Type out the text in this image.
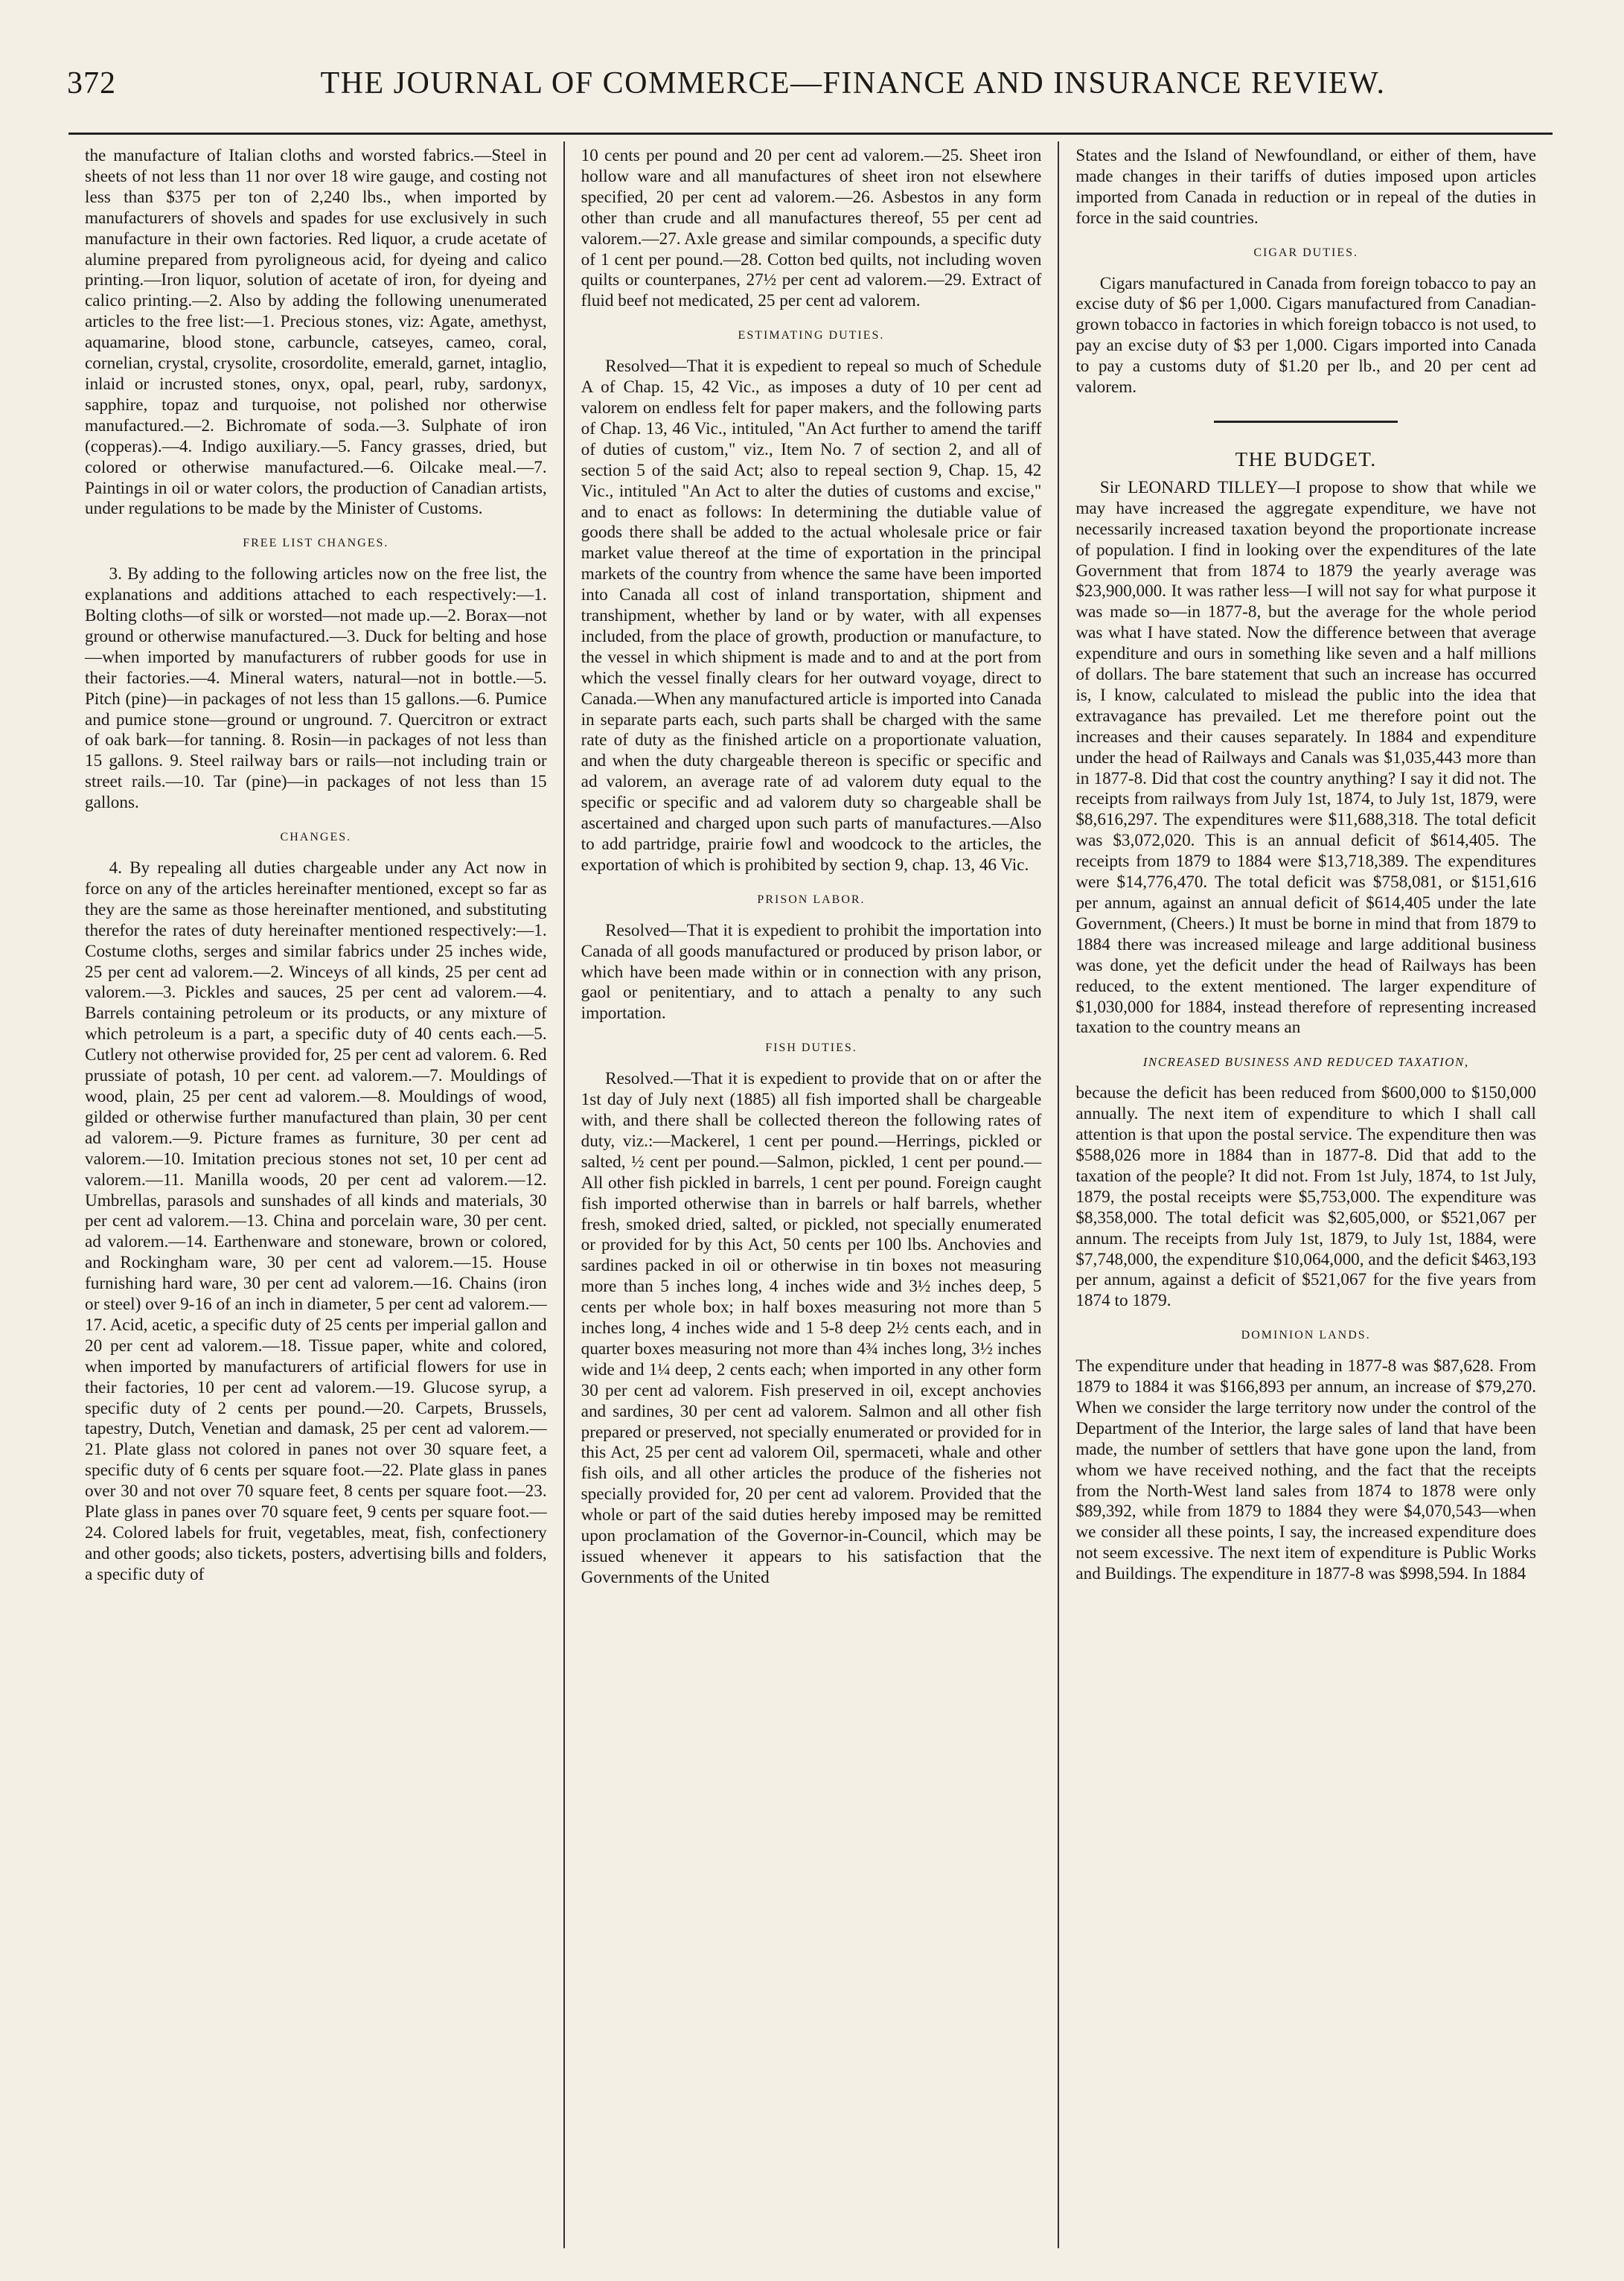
372	THE JOURNAL OF COMMERCE—FINANCE AND INSURANCE REVIEW.

the manufacture of Italian cloths and worsted fabrics.—Steel in sheets of not less than 11 nor over 18 wire gauge, and costing not less than $375 per ton of 2,240 lbs., when imported by manufacturers of shovels and spades for use exclusively in such manufacture in their own factories. Red liquor, a crude acetate of alumine prepared from pyroligneous acid, for dyeing and calico printing.—Iron liquor, solution of acetate of iron, for dyeing and calico printing.—2. Also by adding the following unenumerated articles to the free list:—1. Precious stones, viz: Agate, amethyst, aquamarine, blood stone, carbuncle, catseyes, cameo, coral, cornelian, crystal, crysolite, crosordolite, emerald, garnet, intaglio, inlaid or incrusted stones, onyx, opal, pearl, ruby, sardonyx, sapphire, topaz and turquoise, not polished nor otherwise manufactured.—2. Bichromate of soda.—3. Sulphate of iron (copperas).—4. Indigo auxiliary.—5. Fancy grasses, dried, but colored or otherwise manufactured.—6. Oilcake meal.—7. Paintings in oil or water colors, the production of Canadian artists, under regulations to be made by the Minister of Customs.

FREE LIST CHANGES.

3. By adding to the following articles now on the free list, the explanations and additions attached to each respectively:—1. Bolting cloths—of silk or worsted—not made up.—2. Borax—not ground or otherwise manufactured.—3. Duck for belting and hose—when imported by manufacturers of rubber goods for use in their factories.—4. Mineral waters, natural—not in bottle.—5. Pitch (pine)—in packages of not less than 15 gallons.—6. Pumice and pumice stone—ground or unground. 7. Quercitron or extract of oak bark—for tanning. 8. Rosin—in packages of not less than 15 gallons. 9. Steel railway bars or rails—not including train or street rails.—10. Tar (pine)—in packages of not less than 15 gallons.

CHANGES.

4. By repealing all duties chargeable under any Act now in force on any of the articles hereinafter mentioned, except so far as they are the same as those hereinafter mentioned, and substituting therefor the rates of duty hereinafter mentioned respectively:—1. Costume cloths, serges and similar fabrics under 25 inches wide, 25 per cent ad valorem.—2. Winceys of all kinds, 25 per cent ad valorem.—3. Pickles and sauces, 25 per cent ad valorem.—4. Barrels containing petroleum or its products, or any mixture of which petroleum is a part, a specific duty of 40 cents each.—5. Cutlery not otherwise provided for, 25 per cent ad valorem. 6. Red prussiate of potash, 10 per cent. ad valorem.—7. Mouldings of wood, plain, 25 per cent ad valorem.—8. Mouldings of wood, gilded or otherwise further manufactured than plain, 30 per cent ad valorem.—9. Picture frames as furniture, 30 per cent ad valorem.—10. Imitation precious stones not set, 10 per cent ad valorem.—11. Manilla woods, 20 per cent ad valorem.—12. Umbrellas, parasols and sunshades of all kinds and materials, 30 per cent ad valorem.—13. China and porcelain ware, 30 per cent. ad valorem.—14. Earthenware and stoneware, brown or colored, and Rockingham ware, 30 per cent ad valorem.—15. House furnishing hard ware, 30 per cent ad valorem.—16. Chains (iron or steel) over 9-16 of an inch in diameter, 5 per cent ad valorem.—17. Acid, acetic, a specific duty of 25 cents per imperial gallon and 20 per cent ad valorem.—18. Tissue paper, white and colored, when imported by manufacturers of artificial flowers for use in their factories, 10 per cent ad valorem.—19. Glucose syrup, a specific duty of 2 cents per pound.—20. Carpets, Brussels, tapestry, Dutch, Venetian and damask, 25 per cent ad valorem.—21. Plate glass not colored in panes not over 30 square feet, a specific duty of 6 cents per square foot.—22. Plate glass in panes over 30 and not over 70 square feet, 8 cents per square foot.—23. Plate glass in panes over 70 square feet, 9 cents per square foot.—24. Colored labels for fruit, vegetables, meat, fish, confectionery and other goods; also tickets, posters, advertising bills and folders, a specific duty of

10 cents per pound and 20 per cent ad valorem.—25. Sheet iron hollow ware and all manufactures of sheet iron not elsewhere specified, 20 per cent ad valorem.—26. Asbestos in any form other than crude and all manufactures thereof, 55 per cent ad valorem.—27. Axle grease and similar compounds, a specific duty of 1 cent per pound.—28. Cotton bed quilts, not including woven quilts or counterpanes, 27½ per cent ad valorem.—29. Extract of fluid beef not medicated, 25 per cent ad valorem.

ESTIMATING DUTIES.

Resolved—That it is expedient to repeal so much of Schedule A of Chap. 15, 42 Vic., as imposes a duty of 10 per cent ad valorem on endless felt for paper makers, and the following parts of Chap. 13, 46 Vic., intituled, "An Act further to amend the tariff of duties of custom," viz., Item No. 7 of section 2, and all of section 5 of the said Act; also to repeal section 9, Chap. 15, 42 Vic., intituled "An Act to alter the duties of customs and excise," and to enact as follows: In determining the dutiable value of goods there shall be added to the actual wholesale price or fair market value thereof at the time of exportation in the principal markets of the country from whence the same have been imported into Canada all cost of inland transportation, shipment and transhipment, whether by land or by water, with all expenses included, from the place of growth, production or manufacture, to the vessel in which shipment is made and to and at the port from which the vessel finally clears for her outward voyage, direct to Canada.—When any manufactured article is imported into Canada in separate parts each, such parts shall be charged with the same rate of duty as the finished article on a proportionate valuation, and when the duty chargeable thereon is specific or specific and ad valorem, an average rate of ad valorem duty equal to the specific or specific and ad valorem duty so chargeable shall be ascertained and charged upon such parts of manufactures.—Also to add partridge, prairie fowl and woodcock to the articles, the exportation of which is prohibited by section 9, chap. 13, 46 Vic.

PRISON LABOR.

Resolved—That it is expedient to prohibit the importation into Canada of all goods manufactured or produced by prison labor, or which have been made within or in connection with any prison, gaol or penitentiary, and to attach a penalty to any such importation.

FISH DUTIES.

Resolved.—That it is expedient to provide that on or after the 1st day of July next (1885) all fish imported shall be chargeable with, and there shall be collected thereon the following rates of duty, viz.:—Mackerel, 1 cent per pound.—Herrings, pickled or salted, ½ cent per pound.—Salmon, pickled, 1 cent per pound.—All other fish pickled in barrels, 1 cent per pound. Foreign caught fish imported otherwise than in barrels or half barrels, whether fresh, smoked dried, salted, or pickled, not specially enumerated or provided for by this Act, 50 cents per 100 lbs. Anchovies and sardines packed in oil or otherwise in tin boxes not measuring more than 5 inches long, 4 inches wide and 3½ inches deep, 5 cents per whole box; in half boxes measuring not more than 5 inches long, 4 inches wide and 1 5-8 deep 2½ cents each, and in quarter boxes measuring not more than 4¾ inches long, 3½ inches wide and 1¼ deep, 2 cents each; when imported in any other form 30 per cent ad valorem. Fish preserved in oil, except anchovies and sardines, 30 per cent ad valorem. Salmon and all other fish prepared or preserved, not specially enumerated or provided for in this Act, 25 per cent ad valorem Oil, spermaceti, whale and other fish oils, and all other articles the produce of the fisheries not specially provided for, 20 per cent ad valorem. Provided that the whole or part of the said duties hereby imposed may be remitted upon proclamation of the Governor-in-Council, which may be issued whenever it appears to his satisfaction that the Governments of the United

States and the Island of Newfoundland, or either of them, have made changes in their tariffs of duties imposed upon articles imported from Canada in reduction or in repeal of the duties in force in the said countries.

CIGAR DUTIES.

Cigars manufactured in Canada from foreign tobacco to pay an excise duty of $6 per 1,000. Cigars manufactured from Canadian-grown tobacco in factories in which foreign tobacco is not used, to pay an excise duty of $3 per 1,000. Cigars imported into Canada to pay a customs duty of $1.20 per lb., and 20 per cent ad valorem.

THE BUDGET.

Sir LEONARD TILLEY—I propose to show that while we may have increased the aggregate expenditure, we have not necessarily increased taxation beyond the proportionate increase of population. I find in looking over the expenditures of the late Government that from 1874 to 1879 the yearly average was $23,900,000. It was rather less—I will not say for what purpose it was made so—in 1877-8, but the average for the whole period was what I have stated. Now the difference between that average expenditure and ours in something like seven and a half millions of dollars. The bare statement that such an increase has occurred is, I know, calculated to mislead the public into the idea that extravagance has prevailed. Let me therefore point out the increases and their causes separately. In 1884 and expenditure under the head of Railways and Canals was $1,035,443 more than in 1877-8. Did that cost the country anything? I say it did not. The receipts from railways from July 1st, 1874, to July 1st, 1879, were $8,616,297. The expenditures were $11,688,318. The total deficit was $3,072,020. This is an annual deficit of $614,405. The receipts from 1879 to 1884 were $13,718,389. The expenditures were $14,776,470. The total deficit was $758,081, or $151,616 per annum, against an annual deficit of $614,405 under the late Government, (Cheers.) It must be borne in mind that from 1879 to 1884 there was increased mileage and large additional business was done, yet the deficit under the head of Railways has been reduced, to the extent mentioned. The larger expenditure of $1,030,000 for 1884, instead therefore of representing increased taxation to the country means an

INCREASED BUSINESS AND REDUCED TAXATION,

because the deficit has been reduced from $600,000 to $150,000 annually. The next item of expenditure to which I shall call attention is that upon the postal service. The expenditure then was $588,026 more in 1884 than in 1877-8. Did that add to the taxation of the people? It did not. From 1st July, 1874, to 1st July, 1879, the postal receipts were $5,753,000. The expenditure was $8,358,000. The total deficit was $2,605,000, or $521,067 per annum. The receipts from July 1st, 1879, to July 1st, 1884, were $7,748,000, the expenditure $10,064,000, and the deficit $463,193 per annum, against a deficit of $521,067 for the five years from 1874 to 1879.

DOMINION LANDS.

The expenditure under that heading in 1877-8 was $87,628. From 1879 to 1884 it was $166,893 per annum, an increase of $79,270. When we consider the large territory now under the control of the Department of the Interior, the large sales of land that have been made, the number of settlers that have gone upon the land, from whom we have received nothing, and the fact that the receipts from the North-West land sales from 1874 to 1878 were only $89,392, while from 1879 to 1884 they were $4,070,543—when we consider all these points, I say, the increased expenditure does not seem excessive. The next item of expenditure is Public Works and Buildings. The expenditure in 1877-8 was $998,594. In 1884
